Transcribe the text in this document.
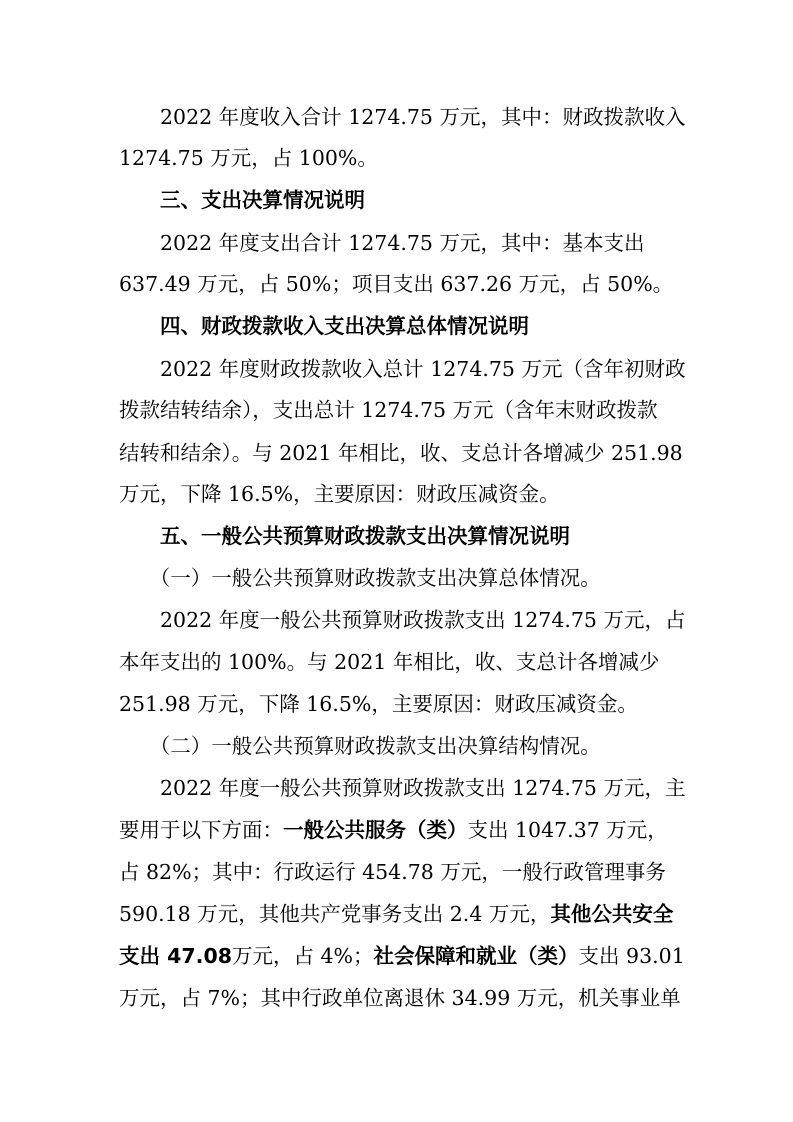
　　2022 年度收入合计 1274.75 万元，其中：财政拨款收入
1274.75 万元，占 100%。
　　三、支出决算情况说明
　　2022 年度支出合计 1274.75 万元，其中：基本支出
637.49 万元，占 50%；项目支出 637.26 万元，占 50%。
　　四、财政拨款收入支出决算总体情况说明
　　2022 年度财政拨款收入总计 1274.75 万元（含年初财政
拨款结转结余），支出总计 1274.75 万元（含年末财政拨款
结转和结余）。与 2021 年相比，收、支总计各增减少 251.98
万元，下降 16.5%，主要原因：财政压减资金。
　　五、一般公共预算财政拨款支出决算情况说明
　　（一）一般公共预算财政拨款支出决算总体情况。
　　2022 年度一般公共预算财政拨款支出 1274.75 万元，占
本年支出的 100%。与 2021 年相比，收、支总计各增减少
251.98 万元，下降 16.5%，主要原因：财政压减资金。
　　（二）一般公共预算财政拨款支出决算结构情况。
　　2022 年度一般公共预算财政拨款支出 1274.75 万元，主
要用于以下方面：一般公共服务（类）支出 1047.37 万元，
占 82%；其中：行政运行 454.78 万元，一般行政管理事务
590.18 万元，其他共产党事务支出 2.4 万元，其他公共安全
支出 47.08万元，占 4%；社会保障和就业（类）支出 93.01
万元，占 7%；其中行政单位离退休 34.99 万元，机关事业单
